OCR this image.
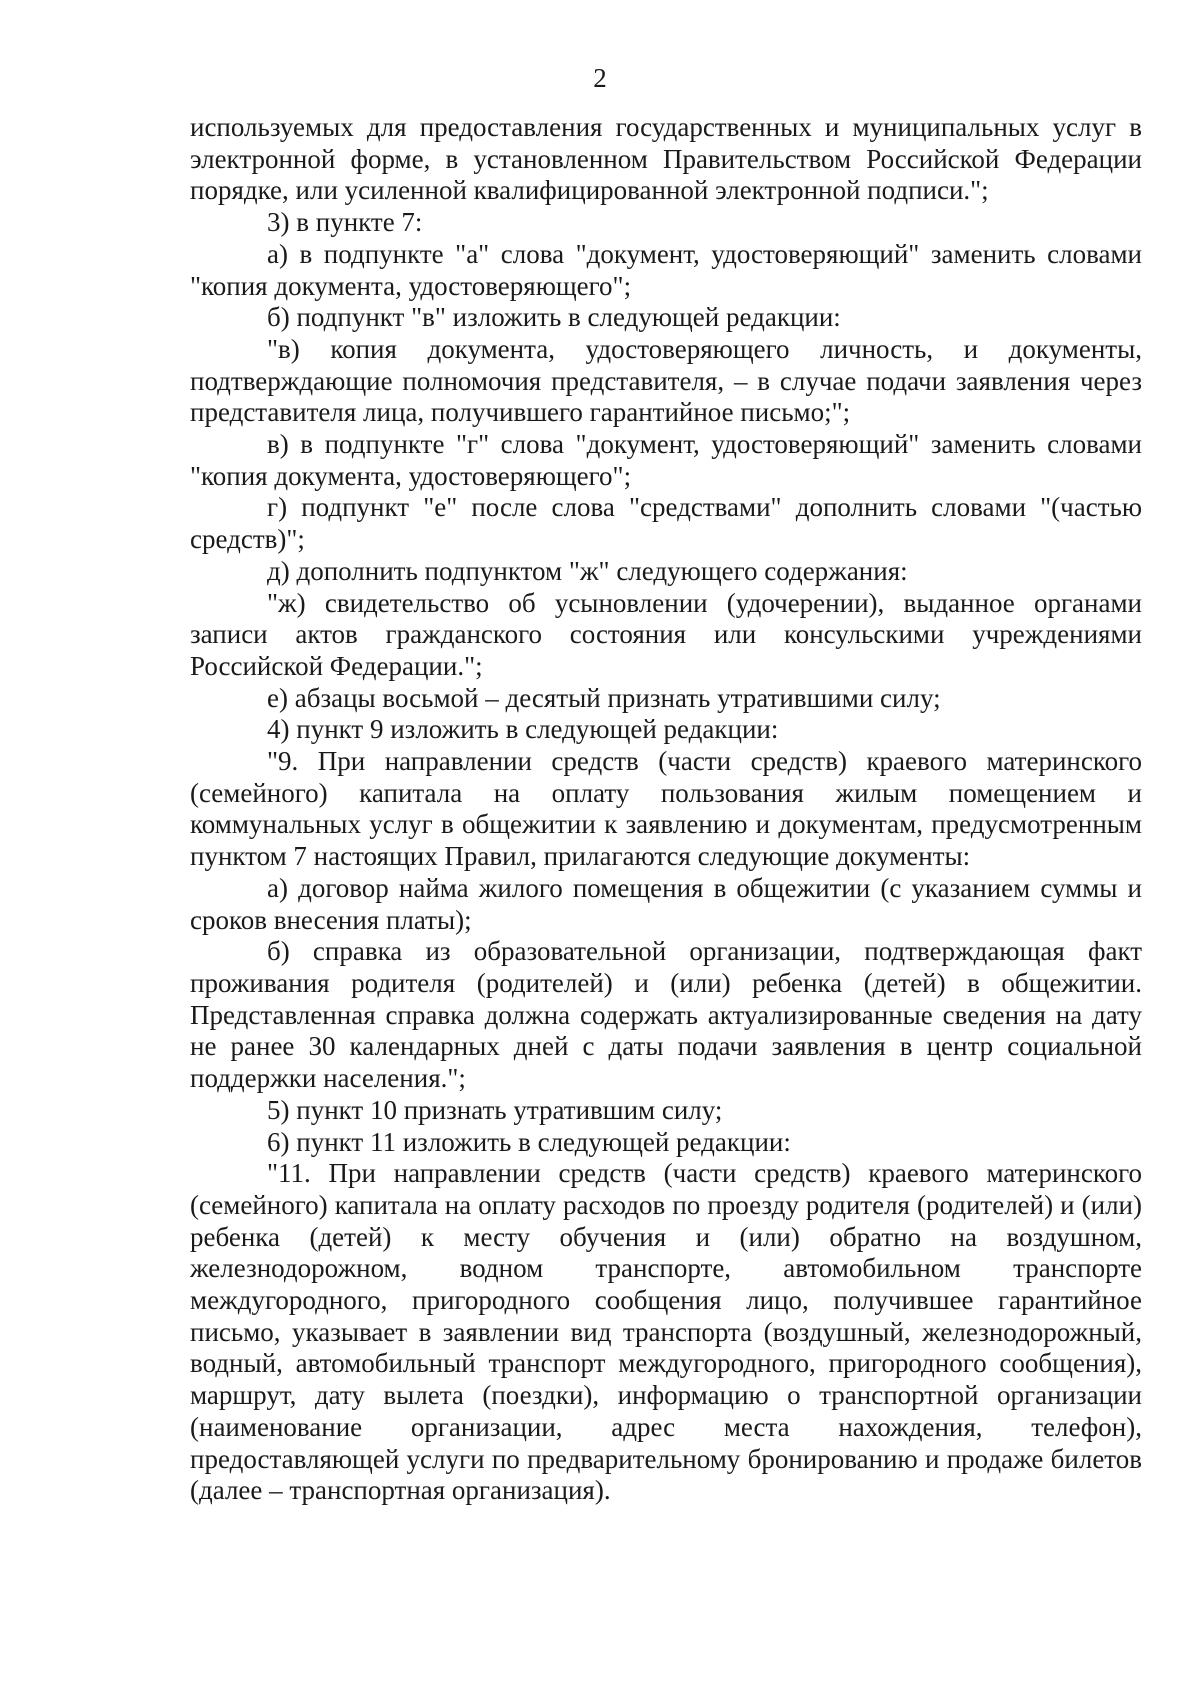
2

используемых для предоставления государственных и муниципальных услуг в электронной форме, в установленном Правительством Российской Федерации порядке, или усиленной квалифицированной электронной подписи.";

3) в пункте 7:

а) в подпункте "а" слова "документ, удостоверяющий" заменить словами "копия документа, удостоверяющего";

б) подпункт "в" изложить в следующей редакции:

"в) копия документа, удостоверяющего личность, и документы, подтверждающие полномочия представителя, – в случае подачи заявления через представителя лица, получившего гарантийное письмо;";

в) в подпункте "г" слова "документ, удостоверяющий" заменить словами "копия документа, удостоверяющего";

г) подпункт "е" после слова "средствами" дополнить словами "(частью средств)";

д) дополнить подпунктом "ж" следующего содержания:

"ж) свидетельство об усыновлении (удочерении), выданное органами записи актов гражданского состояния или консульскими учреждениями Российской Федерации.";

е) абзацы восьмой – десятый признать утратившими силу;

4) пункт 9 изложить в следующей редакции:

"9. При направлении средств (части средств) краевого материнского (семейного) капитала на оплату пользования жилым помещением и коммунальных услуг в общежитии к заявлению и документам, предусмотренным пунктом 7 настоящих Правил, прилагаются следующие документы:

а) договор найма жилого помещения в общежитии (с указанием суммы и сроков внесения платы);

б) справка из образовательной организации, подтверждающая факт проживания родителя (родителей) и (или) ребенка (детей) в общежитии. Представленная справка должна содержать актуализированные сведения на дату не ранее 30 календарных дней с даты подачи заявления в центр социальной поддержки населения.";

5) пункт 10 признать утратившим силу;

6) пункт 11 изложить в следующей редакции:

"11. При направлении средств (части средств) краевого материнского (семейного) капитала на оплату расходов по проезду родителя (родителей) и (или) ребенка (детей) к месту обучения и (или) обратно на воздушном, железнодорожном, водном транспорте, автомобильном транспорте междугородного, пригородного сообщения лицо, получившее гарантийное письмо, указывает в заявлении вид транспорта (воздушный, железнодорожный, водный, автомобильный транспорт междугородного, пригородного сообщения), маршрут, дату вылета (поездки), информацию о транспортной организации (наименование организации, адрес места нахождения, телефон), предоставляющей услуги по предварительному бронированию и продаже билетов (далее – транспортная организация).
